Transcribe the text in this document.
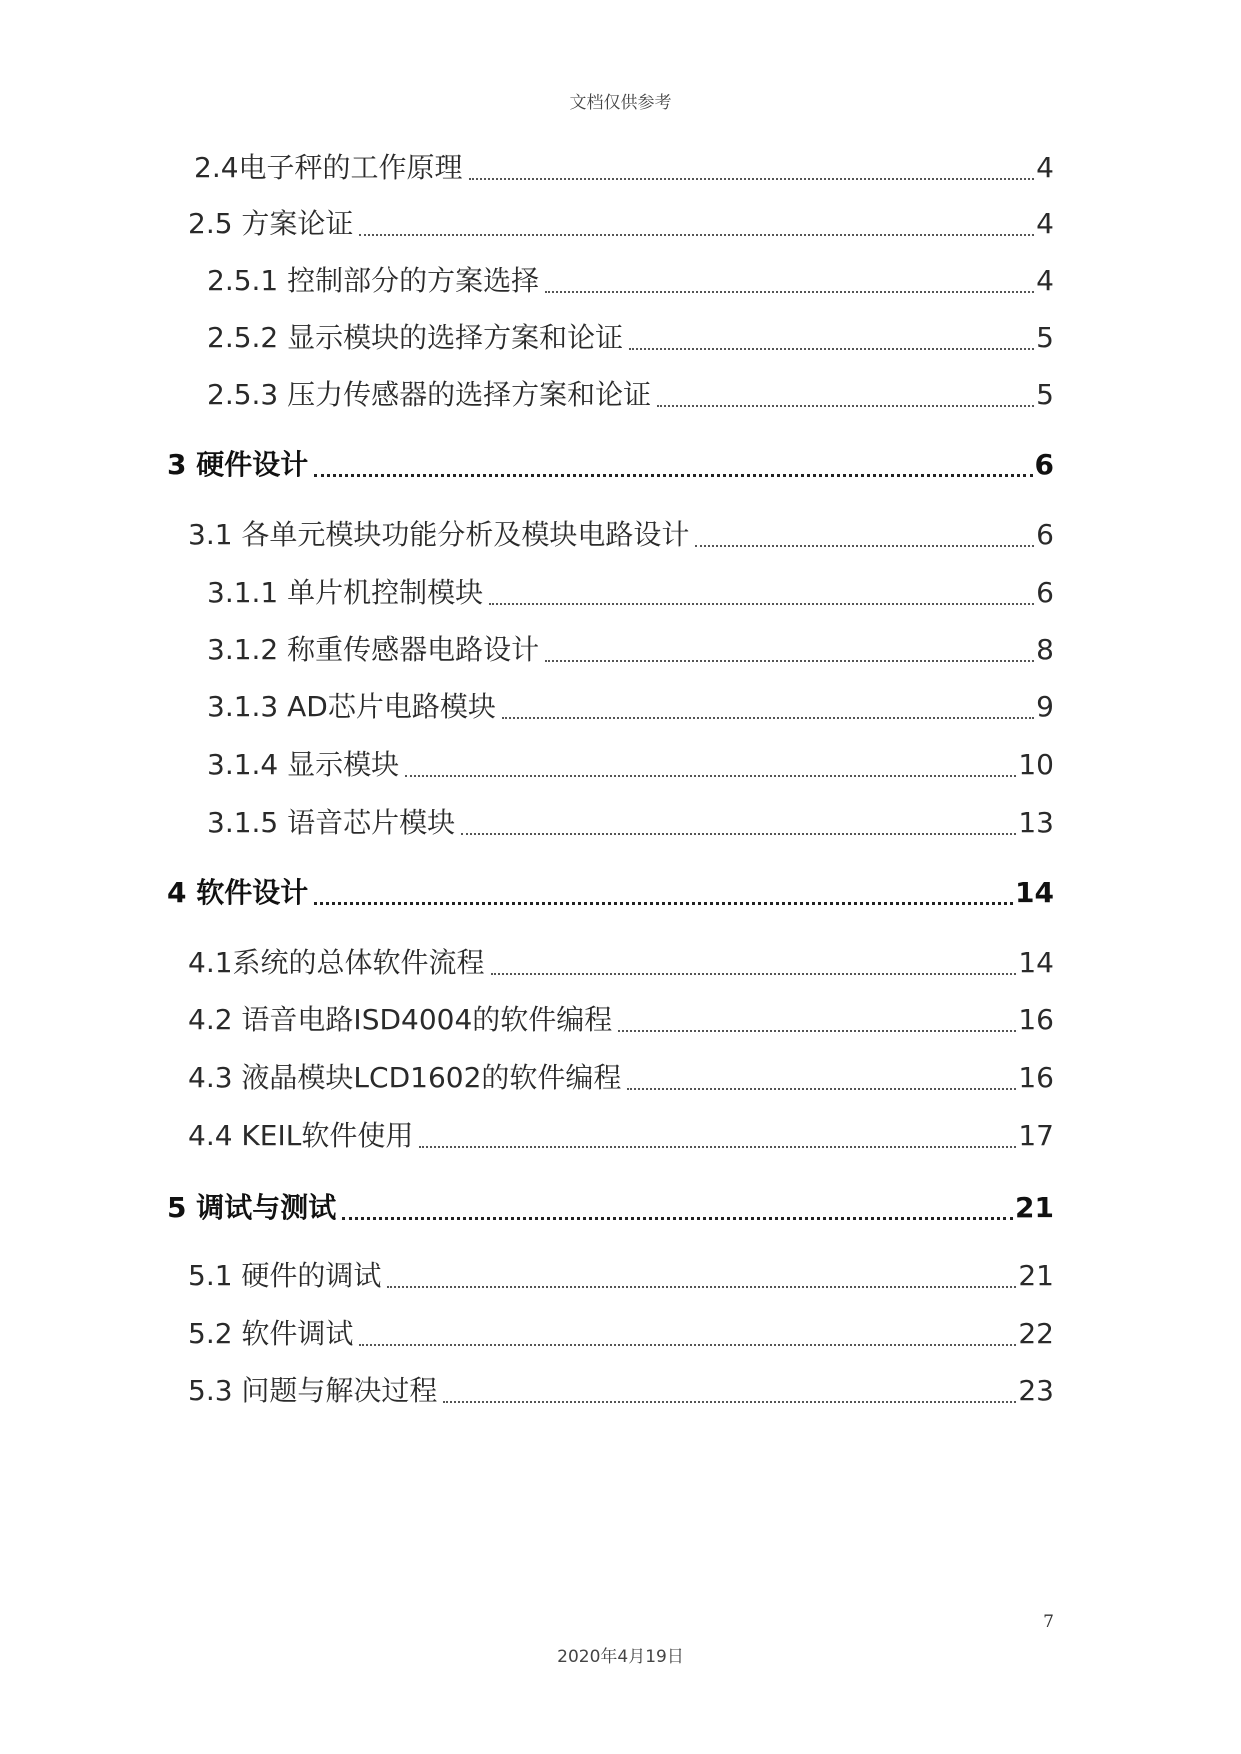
文档仅供参考
2.4电子秤的工作原理	4
2.5 方案论证	4
2.5.1 控制部分的方案选择	4
2.5.2 显示模块的选择方案和论证	5
2.5.3 压力传感器的选择方案和论证	5
3 硬件设计	6
3.1 各单元模块功能分析及模块电路设计	6
3.1.1 单片机控制模块	6
3.1.2 称重传感器电路设计	8
3.1.3 AD芯片电路模块	9
3.1.4 显示模块	10
3.1.5 语音芯片模块	13
4 软件设计	14
4.1系统的总体软件流程	14
4.2 语音电路ISD4004的软件编程	16
4.3 液晶模块LCD1602的软件编程	16
4.4 KEIL软件使用	17
5 调试与测试	21
5.1 硬件的调试	21
5.2 软件调试	22
5.3 问题与解决过程	23
7
2020年4月19日
